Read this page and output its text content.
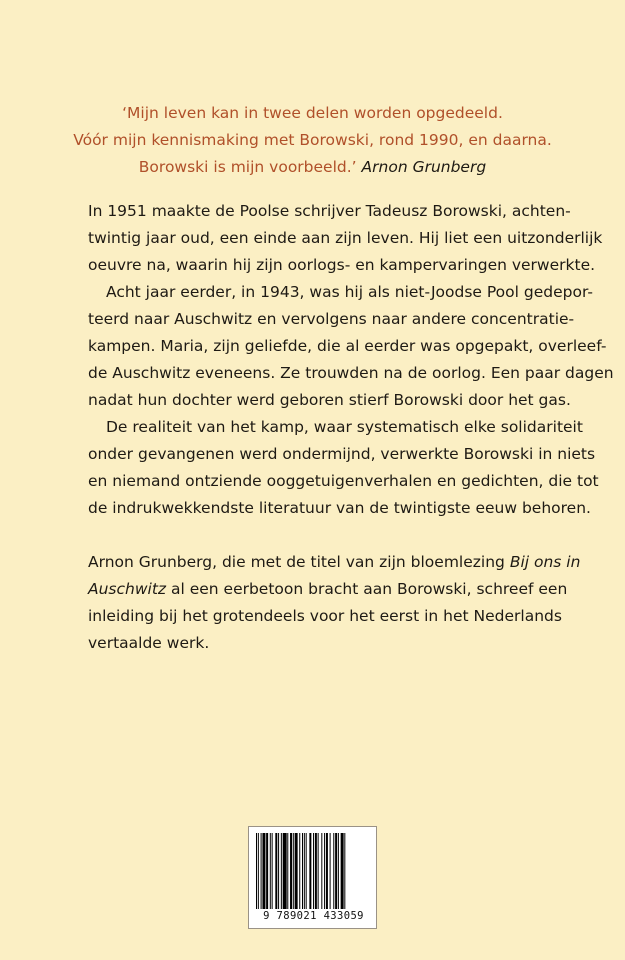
‘Mijn leven kan in twee delen worden opgedeeld.
Vóór mijn kennismaking met Borowski, rond 1990, en daarna.
Borowski is mijn voorbeeld.’ Arnon Grunberg
In 1951 maakte de Poolse schrijver Tadeusz Borowski, achten-
twintig jaar oud, een einde aan zijn leven. Hij liet een uitzonderlijk
oeuvre na, waarin hij zijn oorlogs- en kampervaringen verwerkte.
Acht jaar eerder, in 1943, was hij als niet-Joodse Pool gedepor-
teerd naar Auschwitz en vervolgens naar andere concentratie-
kampen. Maria, zijn geliefde, die al eerder was opgepakt, overleef-
de Auschwitz eveneens. Ze trouwden na de oorlog. Een paar dagen
nadat hun dochter werd geboren stierf Borowski door het gas.
De realiteit van het kamp, waar systematisch elke solidariteit
onder gevangenen werd ondermijnd, verwerkte Borowski in niets
en niemand ontziende ooggetuigenverhalen en gedichten, die tot
de indrukwekkendste literatuur van de twintigste eeuw behoren.
Arnon Grunberg, die met de titel van zijn bloemlezing Bij ons in
Auschwitz al een eerbetoon bracht aan Borowski, schreef een
inleiding bij het grotendeels voor het eerst in het Nederlands
vertaalde werk.
9 789021 433059
